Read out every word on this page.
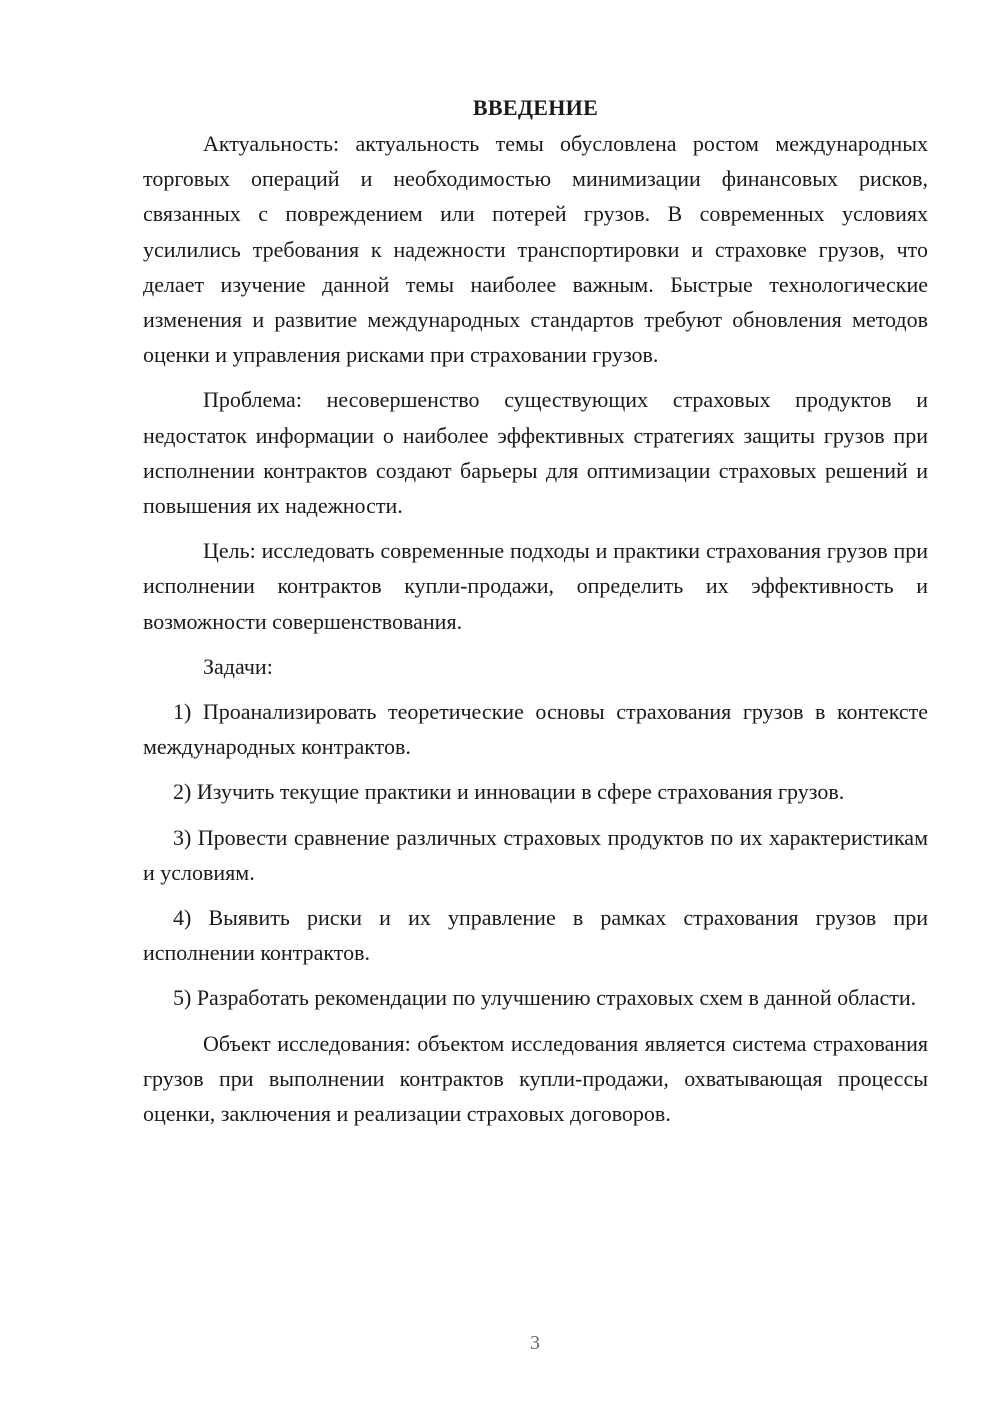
ВВЕДЕНИЕ

Актуальность: актуальность темы обусловлена ростом международных торговых операций и необходимостью минимизации финансовых рисков, связанных с повреждением или потерей грузов. В современных условиях усилились требования к надежности транспортировки и страховке грузов, что делает изучение данной темы наиболее важным. Быстрые технологические изменения и развитие международных стандартов требуют обновления методов оценки и управления рисками при страховании грузов.

Проблема: несовершенство существующих страховых продуктов и недостаток информации о наиболее эффективных стратегиях защиты грузов при исполнении контрактов создают барьеры для оптимизации страховых решений и повышения их надежности.

Цель: исследовать современные подходы и практики страхования грузов при исполнении контрактов купли-продажи, определить их эффективность и возможности совершенствования.

Задачи:

1) Проанализировать теоретические основы страхования грузов в контексте международных контрактов.

2) Изучить текущие практики и инновации в сфере страхования грузов.

3) Провести сравнение различных страховых продуктов по их характеристикам и условиям.

4) Выявить риски и их управление в рамках страхования грузов при исполнении контрактов.

5) Разработать рекомендации по улучшению страховых схем в данной области.

Объект исследования: объектом исследования является система страхования грузов при выполнении контрактов купли-продажи, охватывающая процессы оценки, заключения и реализации страховых договоров.

3
